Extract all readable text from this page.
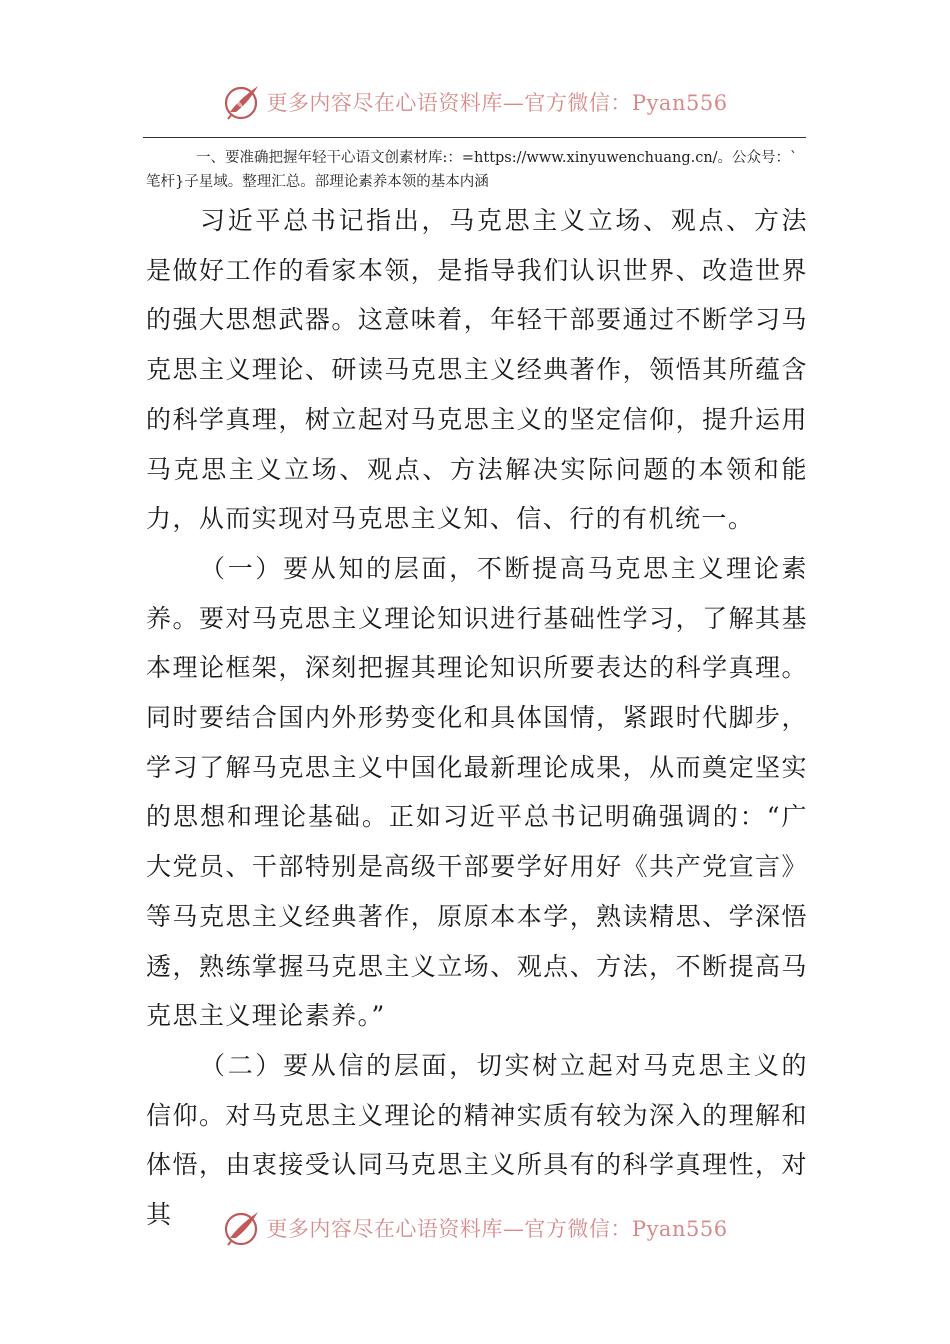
✎ 更多内容尽在心语资料库—官方微信：Pyan556

一、要准确把握年轻干心语文创素材库:：=https://www.xinyuwenchuang.cn/。公众号：`笔杆}子星域。整理汇总。部理论素养本领的基本内涵

习近平总书记指出，马克思主义立场、观点、方法是做好工作的看家本领，是指导我们认识世界、改造世界的强大思想武器。这意味着，年轻干部要通过不断学习马克思主义理论、研读马克思主义经典著作，领悟其所蕴含的科学真理，树立起对马克思主义的坚定信仰，提升运用马克思主义立场、观点、方法解决实际问题的本领和能力，从而实现对马克思主义知、信、行的有机统一。

（一）要从知的层面，不断提高马克思主义理论素养。要对马克思主义理论知识进行基础性学习，了解其基本理论框架，深刻把握其理论知识所要表达的科学真理。同时要结合国内外形势变化和具体国情，紧跟时代脚步，学习了解马克思主义中国化最新理论成果，从而奠定坚实的思想和理论基础。正如习近平总书记明确强调的：“广大党员、干部特别是高级干部要学好用好《共产党宣言》等马克思主义经典著作，原原本本学，熟读精思、学深悟透，熟练掌握马克思主义立场、观点、方法，不断提高马克思主义理论素养。”

（二）要从信的层面，切实树立起对马克思主义的信仰。对马克思主义理论的精神实质有较为深入的理解和体悟，由衷接受认同马克思主义所具有的科学真理性，对其	更多内容尽在心语资料库—官方微信：Pyan556
